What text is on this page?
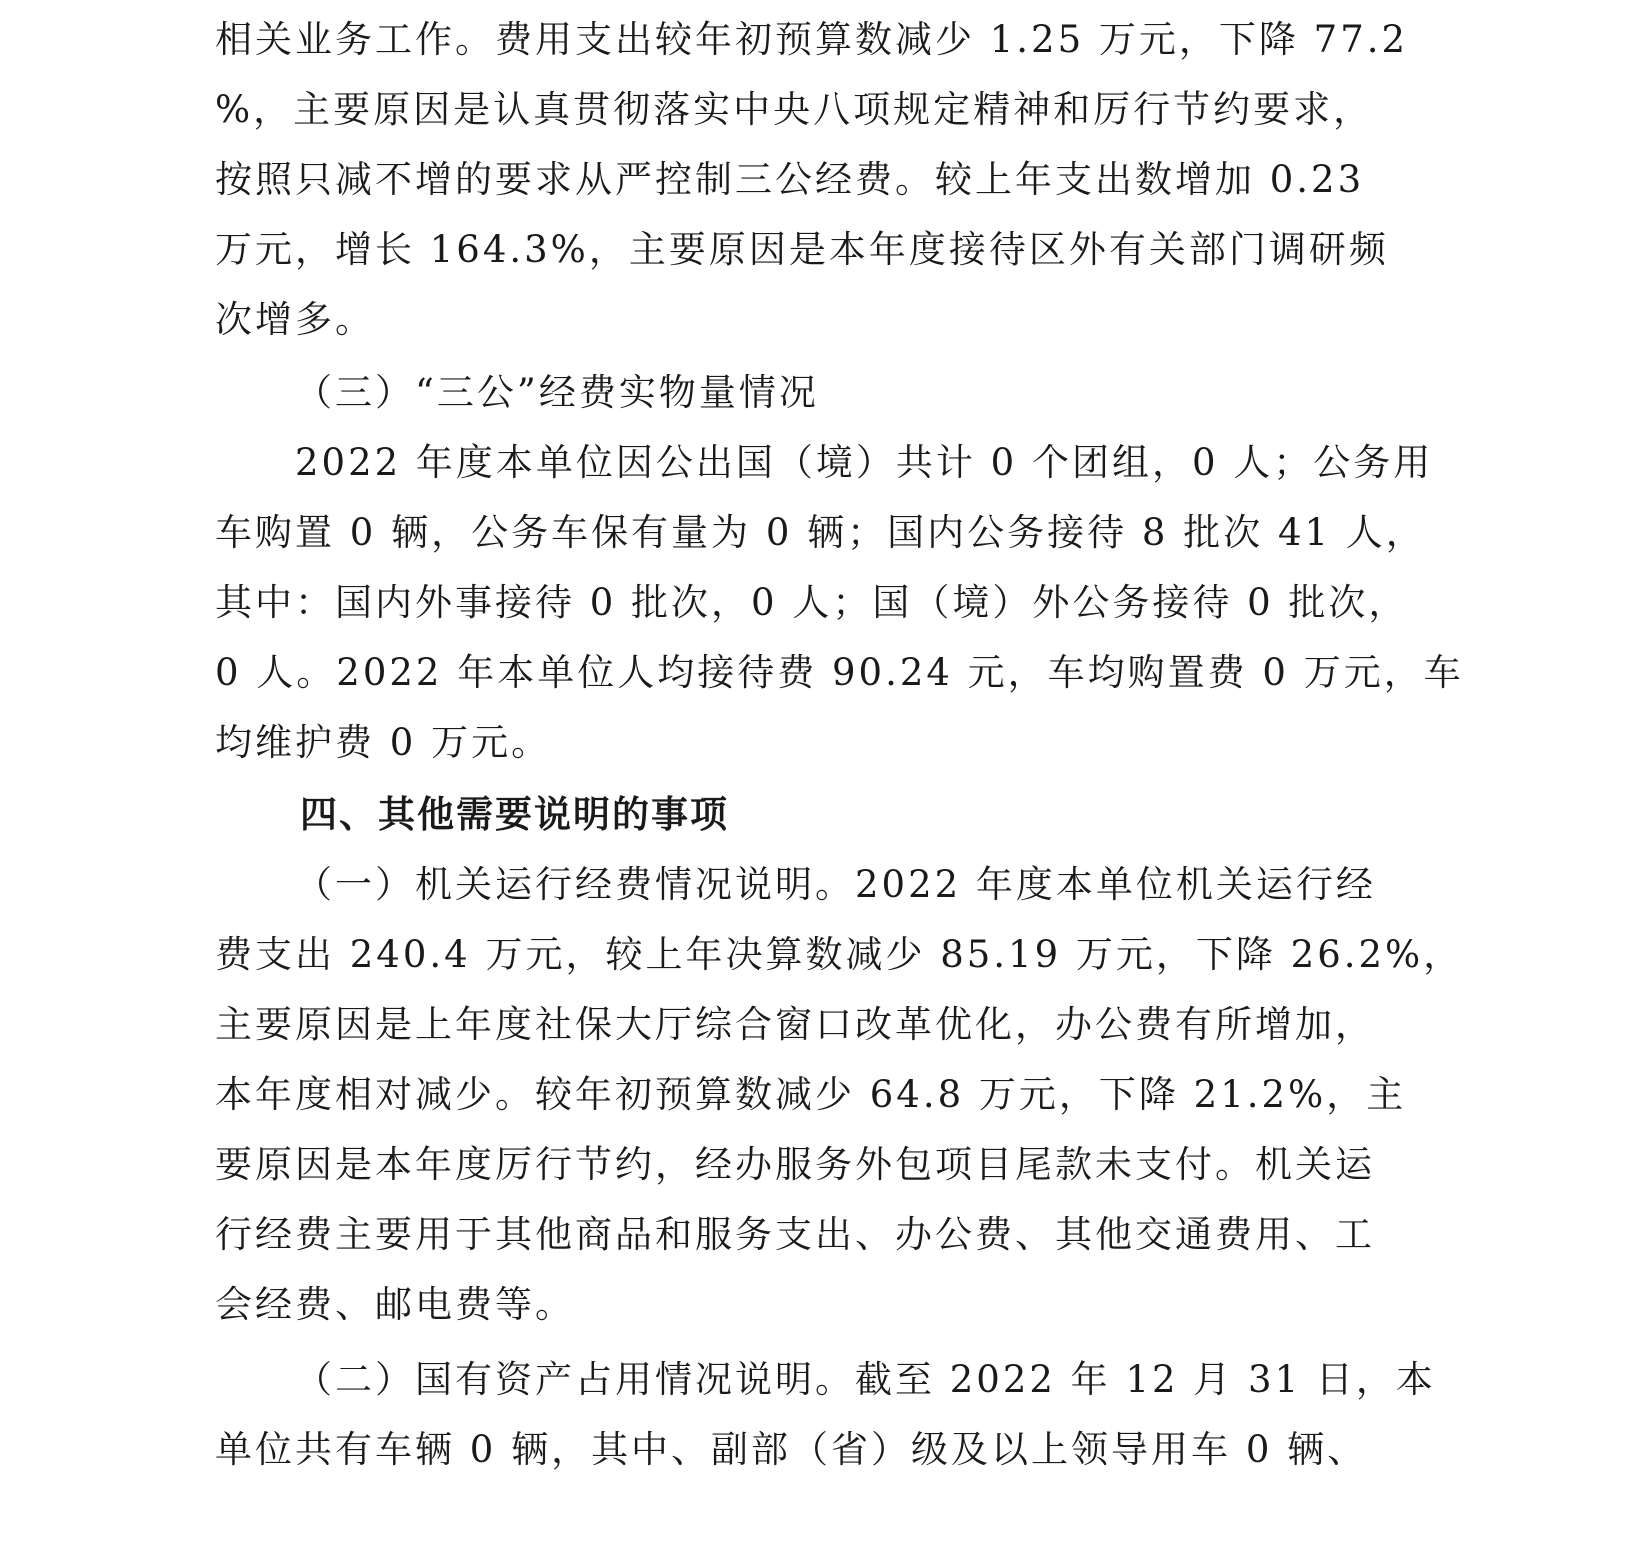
相关业务工作。费用支出较年初预算数减少 1.25 万元，下降 77.2
%，主要原因是认真贯彻落实中央八项规定精神和厉行节约要求，
按照只减不增的要求从严控制三公经费。较上年支出数增加 0.23
万元，增长 164.3%，主要原因是本年度接待区外有关部门调研频
次增多。
（三）“三公”经费实物量情况
2022 年度本单位因公出国（境）共计 0 个团组，0 人；公务用
车购置 0 辆，公务车保有量为 0 辆；国内公务接待 8 批次 41 人，
其中：国内外事接待 0 批次，0 人；国（境）外公务接待 0 批次，
0 人。2022 年本单位人均接待费 90.24 元，车均购置费 0 万元，车
均维护费 0 万元。
四、其他需要说明的事项
（一）机关运行经费情况说明。2022 年度本单位机关运行经
费支出 240.4 万元，较上年决算数减少 85.19 万元，下降 26.2%，
主要原因是上年度社保大厅综合窗口改革优化，办公费有所增加，
本年度相对减少。较年初预算数减少 64.8 万元，下降 21.2%，主
要原因是本年度厉行节约，经办服务外包项目尾款未支付。机关运
行经费主要用于其他商品和服务支出、办公费、其他交通费用、工
会经费、邮电费等。
（二）国有资产占用情况说明。截至 2022 年 12 月 31 日，本
单位共有车辆 0 辆，其中、副部（省）级及以上领导用车 0 辆、
